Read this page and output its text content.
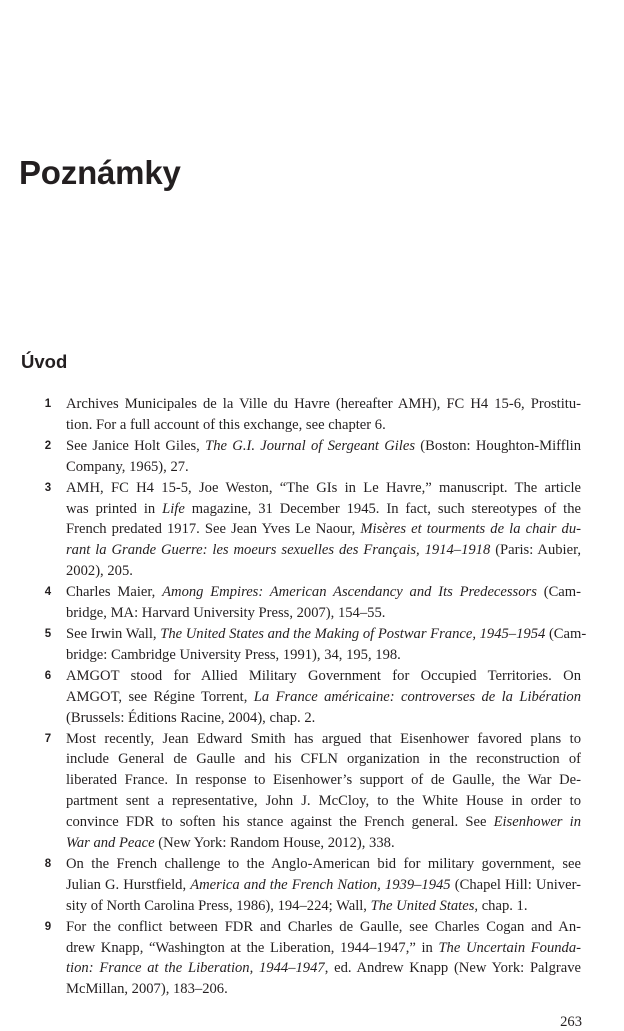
Poznámky
Úvod
1 Archives Municipales de la Ville du Havre (hereafter AMH), FC H4 15-6, Prostitu-
tion. For a full account of this exchange, see chapter 6.
2 See Janice Holt Giles, The G.I. Journal of Sergeant Giles (Boston: Houghton-Mifflin
Company, 1965), 27.
3 AMH, FC H4 15-5, Joe Weston, “The GIs in Le Havre,” manuscript. The article
was printed in Life magazine, 31 December 1945. In fact, such stereotypes of the
French predated 1917. See Jean Yves Le Naour, Misères et tourments de la chair du-
rant la Grande Guerre: les moeurs sexuelles des Français, 1914–1918 (Paris: Aubier,
2002), 205.
4 Charles Maier, Among Empires: American Ascendancy and Its Predecessors (Cam-
bridge, MA: Harvard University Press, 2007), 154–55.
5 See Irwin Wall, The United States and the Making of Postwar France, 1945–1954 (Cam-
bridge: Cambridge University Press, 1991), 34, 195, 198.
6 AMGOT stood for Allied Military Government for Occupied Territories. On
AMGOT, see Régine Torrent, La France américaine: controverses de la Libération
(Brussels: Éditions Racine, 2004), chap. 2.
7 Most recently, Jean Edward Smith has argued that Eisenhower favored plans to
include General de Gaulle and his CFLN organization in the reconstruction of
liberated France. In response to Eisenhower’s support of de Gaulle, the War De-
partment sent a representative, John J. McCloy, to the White House in order to
convince FDR to soften his stance against the French general. See Eisenhower in
War and Peace (New York: Random House, 2012), 338.
8 On the French challenge to the Anglo-American bid for military government, see
Julian G. Hurstfield, America and the French Nation, 1939–1945 (Chapel Hill: Univer-
sity of North Carolina Press, 1986), 194–224; Wall, The United States, chap. 1.
9 For the conflict between FDR and Charles de Gaulle, see Charles Cogan and An-
drew Knapp, “Washington at the Liberation, 1944–1947,” in The Uncertain Founda-
tion: France at the Liberation, 1944–1947, ed. Andrew Knapp (New York: Palgrave
McMillan, 2007), 183–206.
263
